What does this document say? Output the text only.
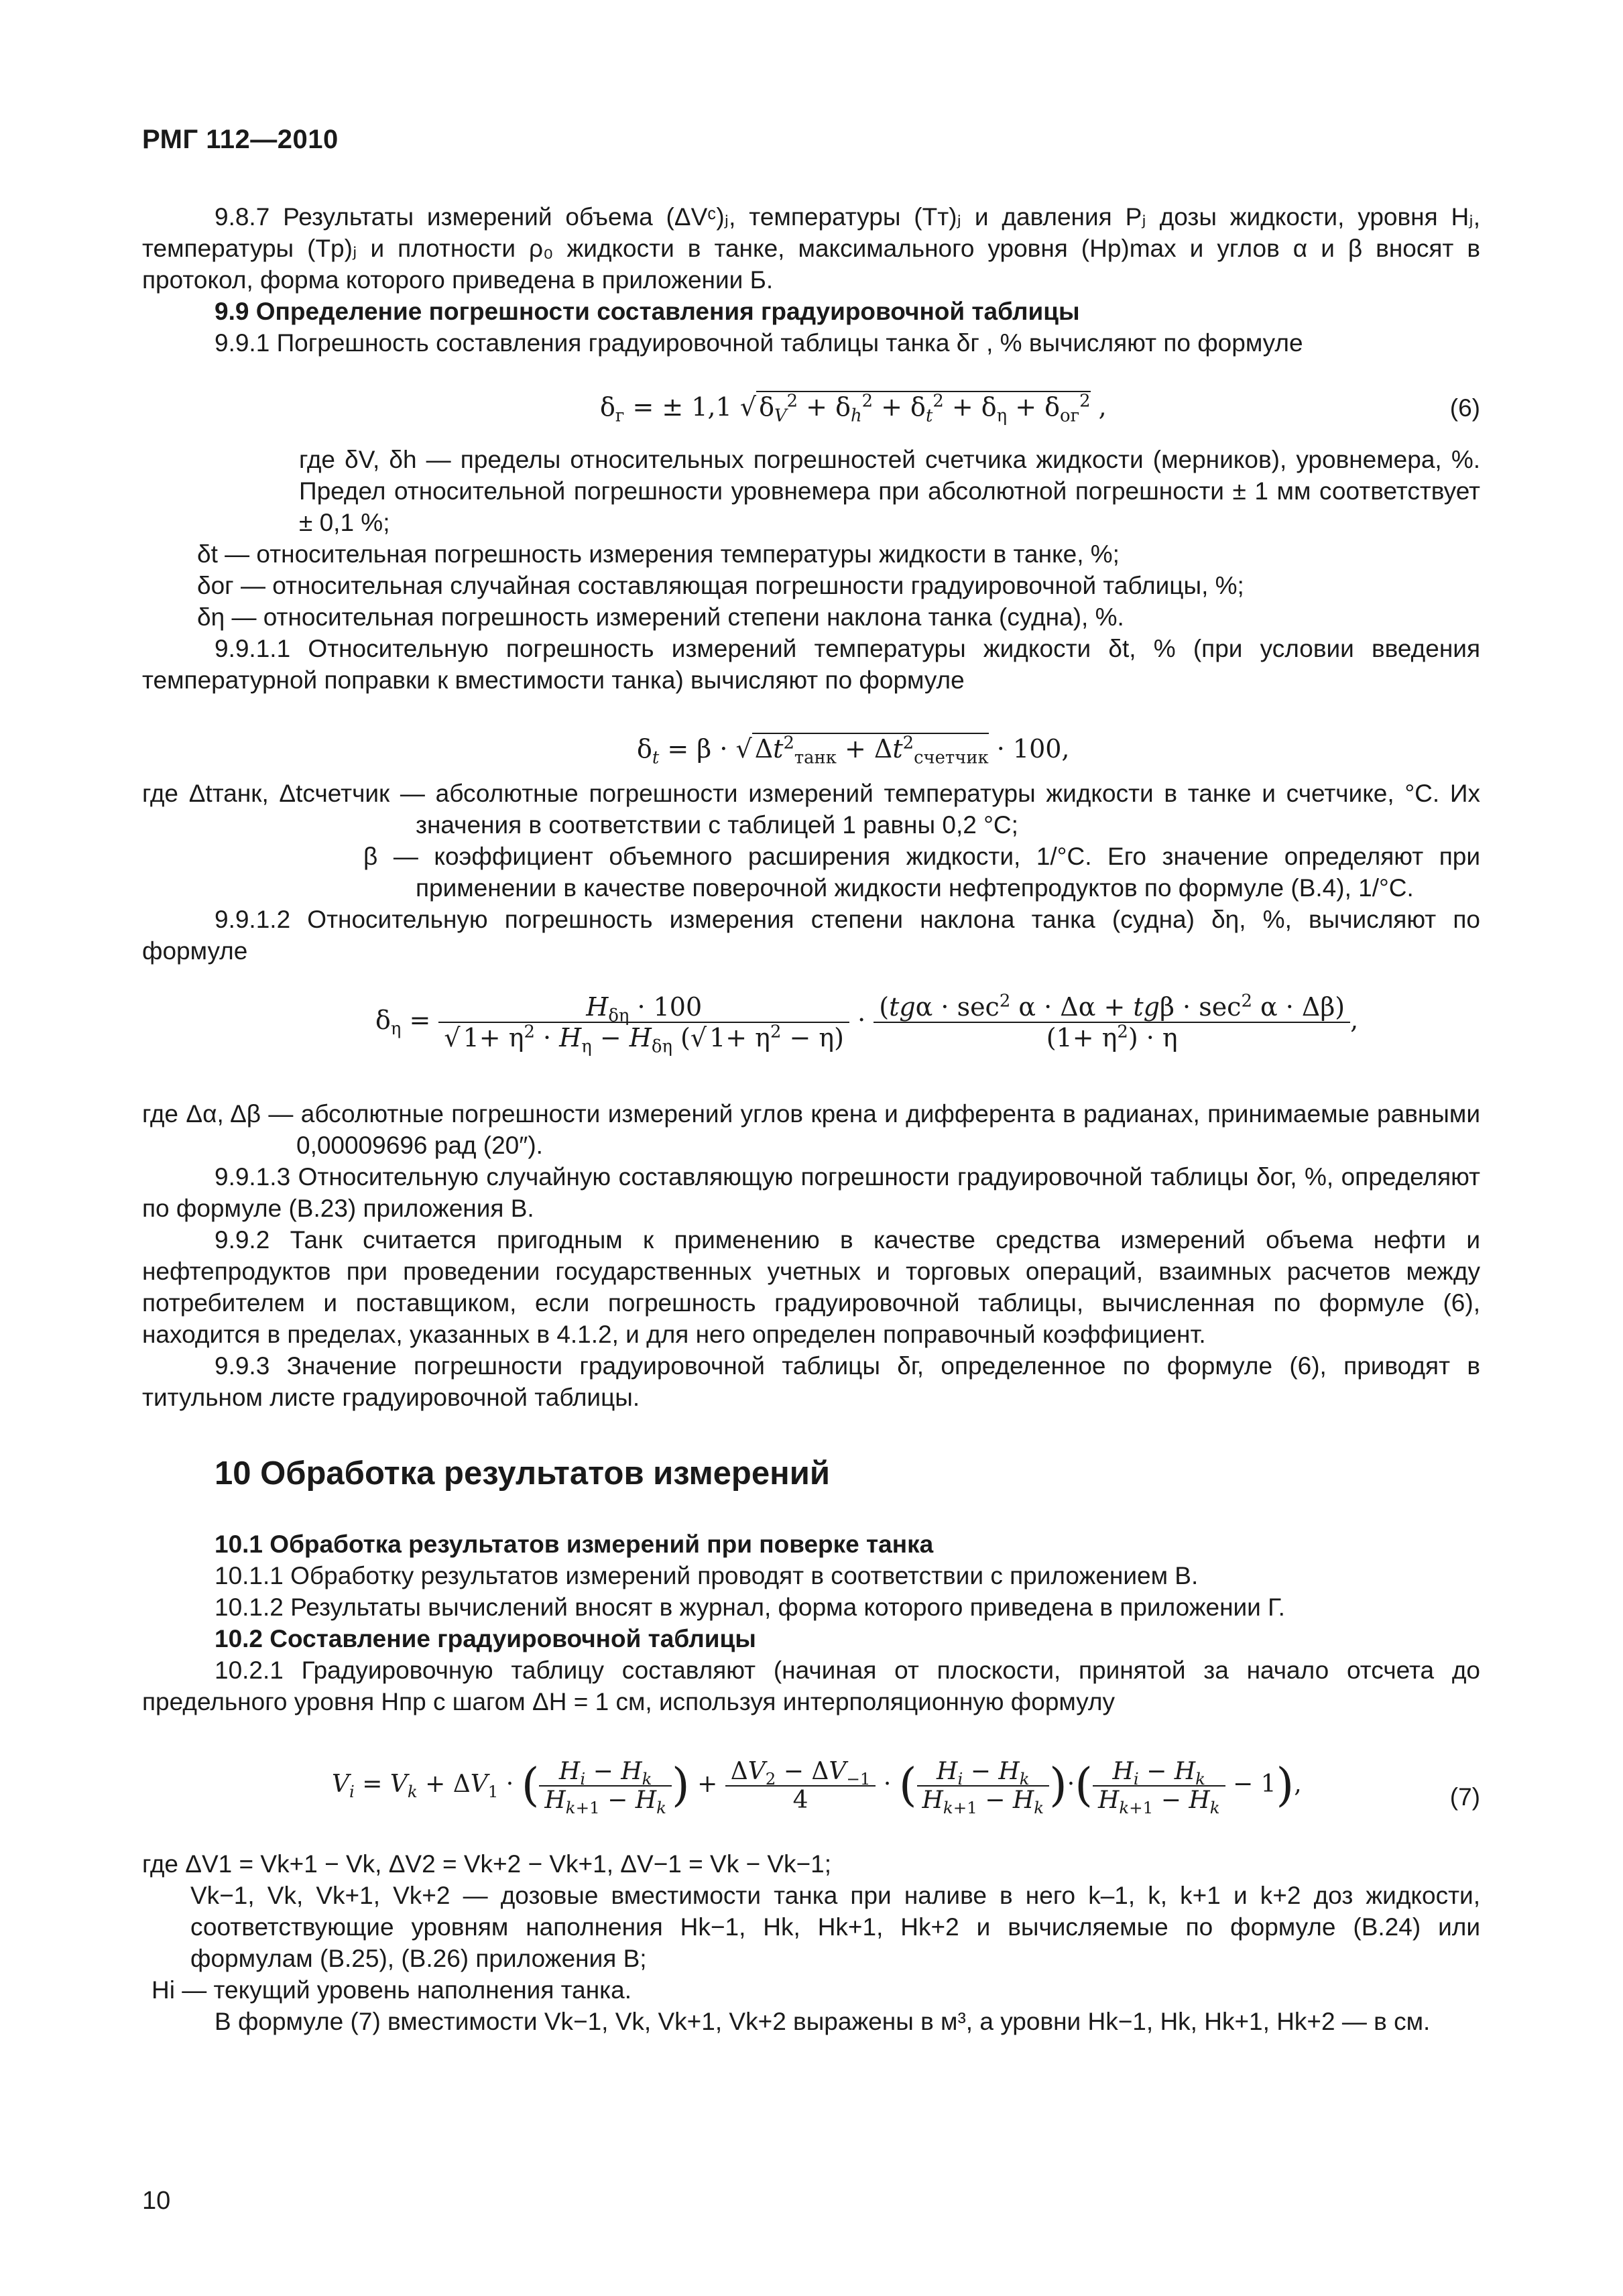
РМГ 112—2010

9.8.7 Результаты измерений объема (ΔVᶜ)ⱼ, температуры (Tт)ⱼ и давления Pⱼ дозы жидкости, уровня Hⱼ, температуры (Tр)ⱼ и плотности ρ₀ жидкости в танке, максимального уровня (Hр)max и углов α и β вносят в протокол, форма которого приведена в приложении Б.

9.9 Определение погрешности составления градуировочной таблицы

9.9.1 Погрешность составления градуировочной таблицы танка δг , % вычисляют по формуле

$\delta_г$ = ± 1,1 √ $\delta_V^2 + \delta_h^2 + \delta_t^2 + \delta_\eta + \delta_{ог}^2$ ,	(6)

где δV, δh — пределы относительных погрешностей счетчика жидкости (мерников), уровнемера, %. Предел относительной погрешности уровнемера при абсолютной погрешности ± 1 мм соответствует ± 0,1 %;

δt — относительная погрешность измерения температуры жидкости в танке, %;

δог — относительная случайная составляющая погрешности градуировочной таблицы, %;

δη — относительная погрешность измерений степени наклона танка (судна), %.

9.9.1.1 Относительную погрешность измерений температуры жидкости δt, % (при условии введения температурной поправки к вместимости танка) вычисляют по формуле

$\delta_t = \beta$ · √ $\Delta t^2_{танк} + \Delta t^2_{счетчик} \cdot 100$,

где Δtтанк, Δtсчетчик — абсолютные погрешности измерений температуры жидкости в танке и счетчике, °С. Их значения в соответствии с таблицей 1 равны 0,2 °С;

β — коэффициент объемного расширения жидкости, 1/°С. Его значение определяют при применении в качестве поверочной жидкости нефтепродуктов по формуле (В.4), 1/°С.

9.9.1.2 Относительную погрешность измерения степени наклона танка (судна) δη, %, вычисляют по формуле

$\delta_\eta = \frac{H_{\delta\eta} \cdot 100}{√ 1+ \eta^2 \cdot H_\eta - H_{\delta\eta} (√ 1+ \eta^2 - \eta)} \cdot \frac{(tg\alpha \cdot \sec^2 \alpha \cdot \Delta\alpha + tg\beta \cdot \sec^2 \alpha \cdot \Delta\beta)}{(1+ \eta^2) \cdot \eta}$ ,

где Δα, Δβ — абсолютные погрешности измерений углов крена и дифферента в радианах, принимаемые равными 0,00009696 рад (20″).

9.9.1.3 Относительную случайную составляющую погрешности градуировочной таблицы δог, %, определяют по формуле (В.23) приложения В.

9.9.2 Танк считается пригодным к применению в качестве средства измерений объема нефти и нефтепродуктов при проведении государственных учетных и торговых операций, взаимных расчетов между потребителем и поставщиком, если погрешность градуировочной таблицы, вычисленная по формуле (6), находится в пределах, указанных в 4.1.2, и для него определен поправочный коэффициент.

9.9.3 Значение погрешности градуировочной таблицы δг, определенное по формуле (6), приводят в титульном листе градуировочной таблицы.

10 Обработка результатов измерений

10.1 Обработка результатов измерений при поверке танка

10.1.1 Обработку результатов измерений проводят в соответствии с приложением В.

10.1.2 Результаты вычислений вносят в журнал, форма которого приведена в приложении Г.

10.2 Составление градуировочной таблицы

10.2.1 Градуировочную таблицу составляют (начиная от плоскости, принятой за начало отсчета до предельного уровня Hпр с шагом ΔH = 1 см, используя интерполяционную формулу

$V_i = V_k + \Delta V_1$ · ( $\frac{H_i - H_k}{H_{k+1} - H_k}$ ) + $\frac{\Delta V_2 - \Delta V_{-1}}{4}$ · ( $\frac{H_i - H_k}{H_{k+1} - H_k}$ )·( $\frac{H_i - H_k}{H_{k+1} - H_k} - 1$),	(7)

где ΔV1 = Vk+1 − Vk, ΔV2 = Vk+2 − Vk+1, ΔV−1 = Vk − Vk−1;

Vk−1, Vk, Vk+1, Vk+2 — дозовые вместимости танка при наливе в него k–1, k, k+1 и k+2 доз жидкости, соответствующие уровням наполнения Hk−1, Hk, Hk+1, Hk+2 и вычисляемые по формуле (В.24) или формулам (В.25), (В.26) приложения В;

Hi — текущий уровень наполнения танка.

В формуле (7) вместимости Vk−1, Vk, Vk+1, Vk+2 выражены в м³, а уровни Hk−1, Hk, Hk+1, Hk+2 — в см.

10
